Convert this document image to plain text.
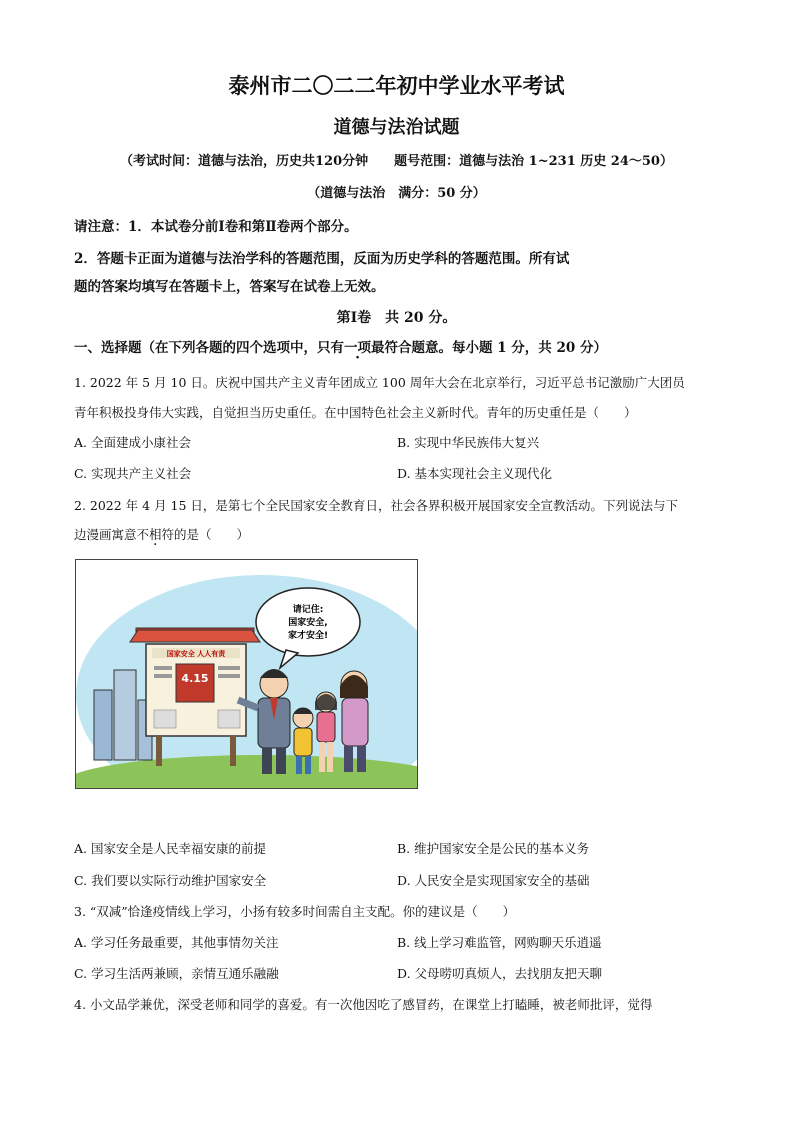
泰州市二〇二二年初中学业水平考试
道德与法治试题
（考试时间：道德与法治，历史共120分钟　　题号范围：道德与法治 1~231 历史 24～50）
（道德与法治　满分：50 分）
请注意：1．本试卷分前Ⅰ卷和第Ⅱ卷两个部分。
2．答题卡正面为道德与法治学科的答题范围，反面为历史学科的答题范围。所有试
题的答案均填写在答题卡上，答案写在试卷上无效。
第Ⅰ卷　共 20 分。
一、选择题（在下列各题的四个选项中，只有一项最符合题意。每小题 1 分，共 20 分）
1. 2022 年 5 月 10 日。庆祝中国共产主义青年团成立 100 周年大会在北京举行，习近平总书记激励广大团员
青年积极投身伟大实践，自觉担当历史重任。在中国特色社会主义新时代。青年的历史重任是（　　）
A. 全面建成小康社会	B. 实现中华民族伟大复兴
C. 实现共产主义社会	D. 基本实现社会主义现代化
2. 2022 年 4 月 15 日，是第七个全民国家安全教育日，社会各界积极开展国家安全宣教活动。下列说法与下
边漫画寓意不相符的是（　　）
国家安全 人人有责
4.15
请记住:
国家安全,
家才安全!
A. 国家安全是人民幸福安康的前提	B. 维护国家安全是公民的基本义务
C. 我们要以实际行动维护国家安全	D. 人民安全是实现国家安全的基础
3. “双减”恰逢疫情线上学习，小扬有较多时间需自主支配。你的建议是（　　）
A. 学习任务最重要，其他事情勿关注	B. 线上学习难监管，网购聊天乐逍遥
C. 学习生活两兼顾，亲情互通乐融融	D. 父母唠叨真烦人，去找朋友把天聊
4. 小文品学兼优，深受老师和同学的喜爱。有一次他因吃了感冒药，在课堂上打瞌睡，被老师批评，觉得
